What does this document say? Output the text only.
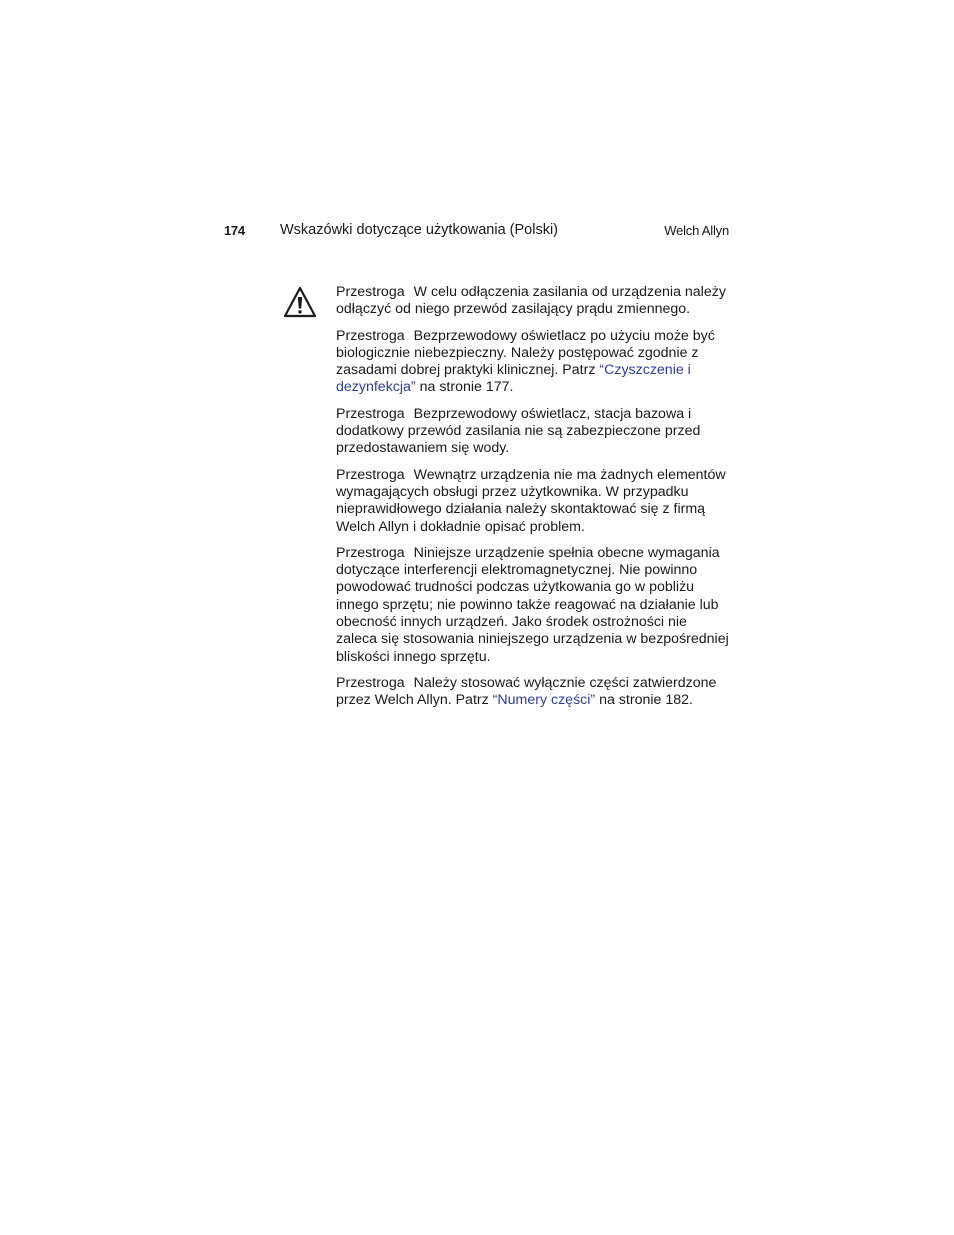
174 Wskazówki dotyczące użytkowania (Polski)	Welch Allyn

Przestroga W celu odłączenia zasilania od urządzenia należy odłączyć od niego przewód zasilający prądu zmiennego.

Przestroga Bezprzewodowy oświetlacz po użyciu może być biologicznie niebezpieczny. Należy postępować zgodnie z zasadami dobrej praktyki klinicznej. Patrz “Czyszczenie i dezynfekcja” na stronie 177.

Przestroga Bezprzewodowy oświetlacz, stacja bazowa i dodatkowy przewód zasilania nie są zabezpieczone przed przedostawaniem się wody.

Przestroga Wewnątrz urządzenia nie ma żadnych elementów wymagających obsługi przez użytkownika. W przypadku nieprawidłowego działania należy skontaktować się z firmą Welch Allyn i dokładnie opisać problem.

Przestroga Niniejsze urządzenie spełnia obecne wymagania dotyczące interferencji elektromagnetycznej. Nie powinno powodować trudności podczas użytkowania go w pobliżu innego sprzętu; nie powinno także reagować na działanie lub obecność innych urządzeń. Jako środek ostrożności nie zaleca się stosowania niniejszego urządzenia w bezpośredniej bliskości innego sprzętu.

Przestroga Należy stosować wyłącznie części zatwierdzone przez Welch Allyn. Patrz “Numery części” na stronie 182.
